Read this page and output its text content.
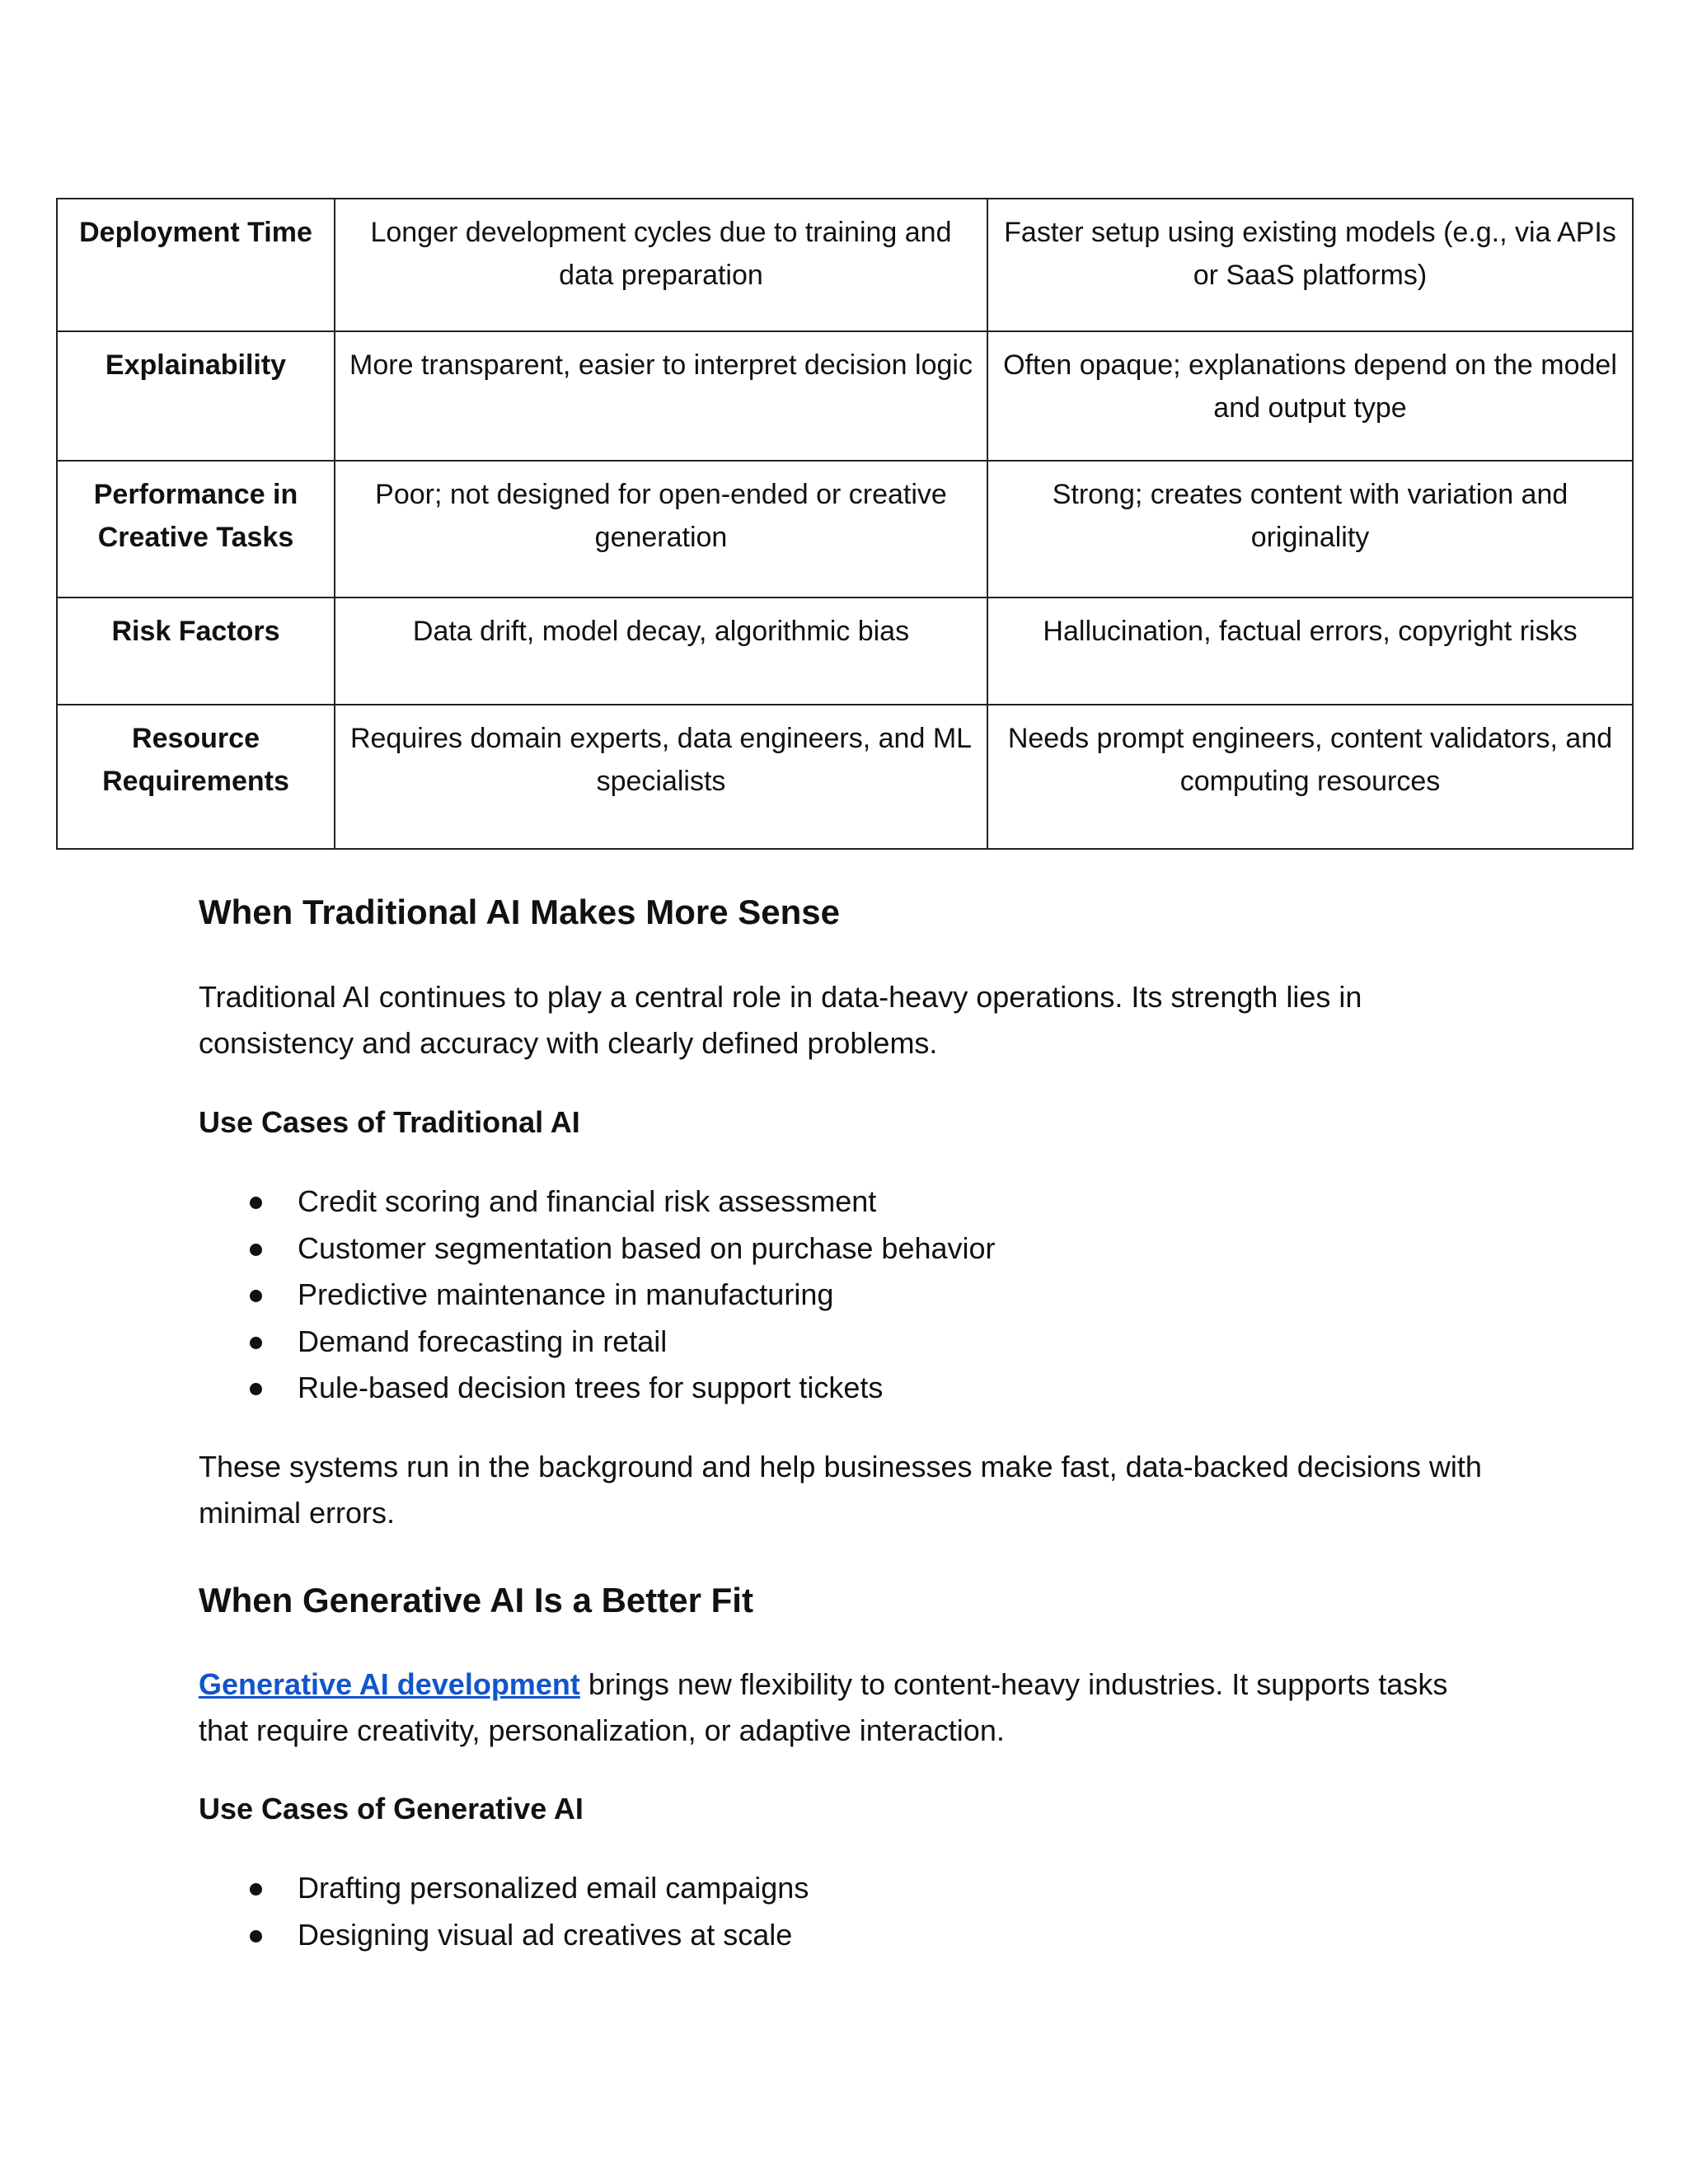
Deployment Time	Longer development cycles due to training and data preparation	Faster setup using existing models (e.g., via APIs or SaaS platforms)
Explainability	More transparent, easier to interpret decision logic	Often opaque; explanations depend on the model and output type
Performance in Creative Tasks	Poor; not designed for open-ended or creative generation	Strong; creates content with variation and originality
Risk Factors	Data drift, model decay, algorithmic bias	Hallucination, factual errors, copyright risks
Resource Requirements	Requires domain experts, data engineers, and ML specialists	Needs prompt engineers, content validators, and computing resources
When Traditional AI Makes More Sense

Traditional AI continues to play a central role in data-heavy operations. Its strength lies in consistency and accuracy with clearly defined problems.

Use Cases of Traditional AI
Credit scoring and financial risk assessment
Customer segmentation based on purchase behavior
Predictive maintenance in manufacturing
Demand forecasting in retail
Rule-based decision trees for support tickets

These systems run in the background and help businesses make fast, data-backed decisions with minimal errors.

When Generative AI Is a Better Fit

Generative AI development brings new flexibility to content-heavy industries. It supports tasks that require creativity, personalization, or adaptive interaction.

Use Cases of Generative AI
Drafting personalized email campaigns
Designing visual ad creatives at scale
